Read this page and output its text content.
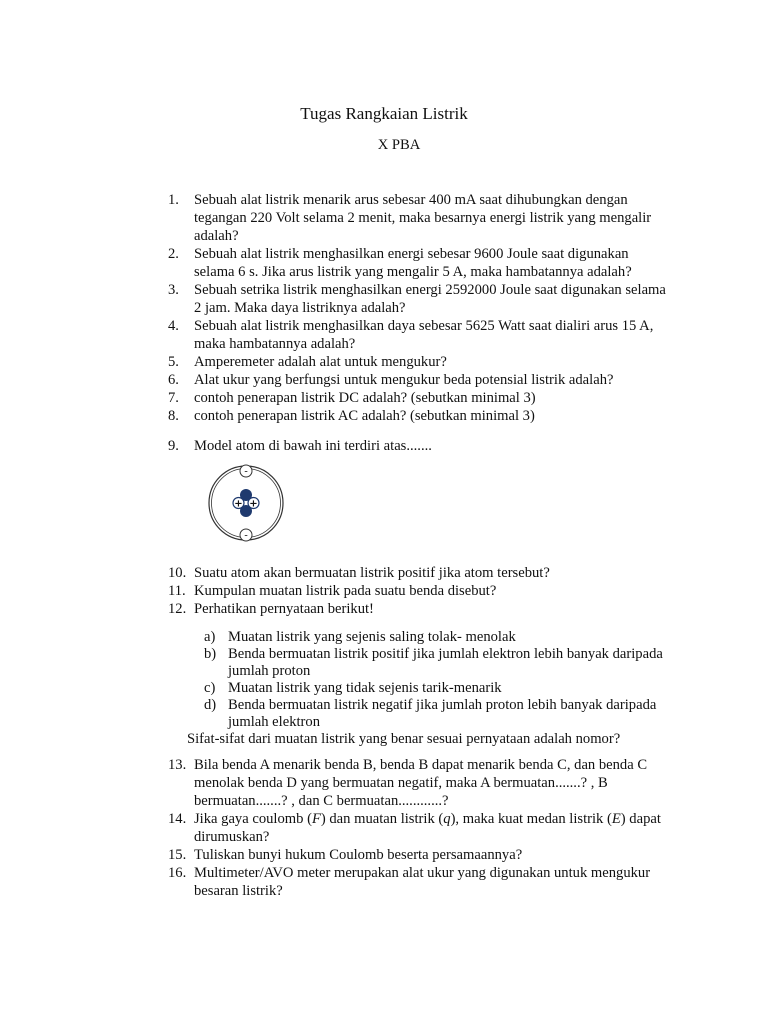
Tugas Rangkaian Listrik

X PBA

1. Sebuah alat listrik menarik arus sebesar 400 mA saat dihubungkan dengan tegangan 220 Volt selama 2 menit, maka besarnya energi listrik yang mengalir adalah?
2. Sebuah alat listrik menghasilkan energi sebesar 9600 Joule saat digunakan selama 6 s. Jika arus listrik yang mengalir 5 A, maka hambatannya adalah?
3. Sebuah setrika listrik menghasilkan energi 2592000 Joule saat digunakan selama 2 jam. Maka daya listriknya adalah?
4. Sebuah alat listrik menghasilkan daya sebesar 5625 Watt saat dialiri arus 15 A, maka hambatannya adalah?
5. Amperemeter adalah alat untuk mengukur?
6. Alat ukur yang berfungsi untuk mengukur beda potensial listrik adalah?
7. contoh penerapan listrik DC adalah? (sebutkan minimal 3)
8. contoh penerapan listrik AC adalah? (sebutkan minimal 3)
9. Model atom di bawah ini terdiri atas.......
-
-
+ +
10. Suatu atom akan bermuatan listrik positif jika atom tersebut?
11. Kumpulan muatan listrik pada suatu benda disebut?
12. Perhatikan pernyataan berikut!
a) Muatan listrik yang sejenis saling tolak- menolak
b) Benda bermuatan listrik positif jika jumlah elektron lebih banyak daripada jumlah proton
c) Muatan listrik yang tidak sejenis tarik-menarik
d) Benda bermuatan listrik negatif jika jumlah proton lebih banyak daripada jumlah elektron

Sifat-sifat dari muatan listrik yang benar sesuai pernyataan adalah nomor?

13. Bila benda A menarik benda B, benda B dapat menarik benda C, dan benda C menolak benda D yang bermuatan negatif, maka A bermuatan.......? , B bermuatan.......? , dan C bermuatan............?
14. Jika gaya coulomb (F) dan muatan listrik (q), maka kuat medan listrik (E) dapat dirumuskan?
15. Tuliskan bunyi hukum Coulomb beserta persamaannya?
16. Multimeter/AVO meter merupakan alat ukur yang digunakan untuk mengukur besaran listrik?
